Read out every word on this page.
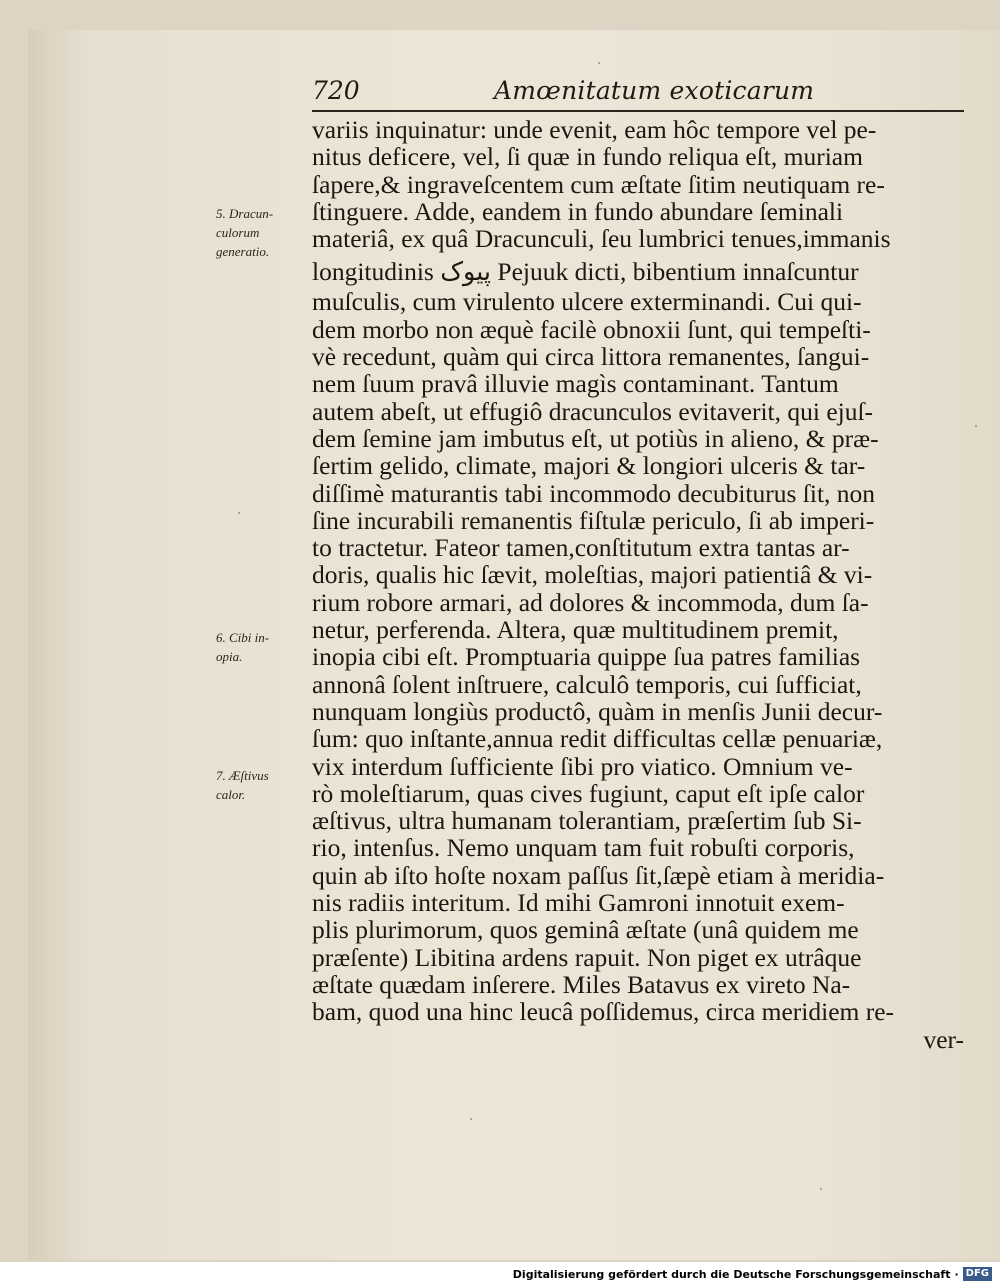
720	Amœnitatum exoticarum
variis inquinatur: unde evenit, eam hôc tempore vel pe-
nitus deficere, vel, ſi quæ in fundo reliqua eſt, muriam
ſapere,& ingraveſcentem cum æſtate ſitim neutiquam re-
ſtinguere. Adde, eandem in fundo abundare ſeminali
materiâ, ex quâ Dracunculi, ſeu lumbrici tenues,immanis
longitudinis پیوک Pejuuk dicti, bibentium innaſcuntur
muſculis, cum virulento ulcere exterminandi. Cui qui-
dem morbo non æquè facilè obnoxii ſunt, qui tempeſti-
vè recedunt, quàm qui circa littora remanentes, ſangui-
nem ſuum pravâ illuvie magìs contaminant. Tantum
autem abeſt, ut effugiô dracunculos evitaverit, qui ejuſ-
dem ſemine jam imbutus eſt, ut potiùs in alieno, & præ-
ſertim gelido, climate, majori & longiori ulceris & tar-
diſſimè maturantis tabi incommodo decubiturus ſit, non
ſine incurabili remanentis fiſtulæ periculo, ſi ab imperi-
to tractetur. Fateor tamen,conſtitutum extra tantas ar-
doris, qualis hic ſævit, moleſtias, majori patientiâ & vi-
rium robore armari, ad dolores & incommoda, dum ſa-
netur, perferenda. Altera, quæ multitudinem premit,
inopia cibi eſt. Promptuaria quippe ſua patres familias
annonâ ſolent inſtruere, calculô temporis, cui ſufficiat,
nunquam longiùs productô, quàm in menſis Junii decur-
ſum: quo inſtante,annua redit difficultas cellæ penuariæ,
vix interdum ſufficiente ſibi pro viatico. Omnium ve-
rò moleſtiarum, quas cives fugiunt, caput eſt ipſe calor
æſtivus, ultra humanam tolerantiam, præſertim ſub Si-
rio, intenſus. Nemo unquam tam fuit robuſti corporis,
quin ab iſto hoſte noxam paſſus ſit,ſæpè etiam à meridia-
nis radiis interitum. Id mihi Gamroni innotuit exem-
plis plurimorum, quos geminâ æſtate (unâ quidem me
præſente) Libitina ardens rapuit. Non piget ex utrâque
æſtate quædam inſerere. Miles Batavus ex vireto Na-
bam, quod una hinc leucâ poſſidemus, circa meridiem re-
ver-
5. Dracun-
culorum
generatio.
6. Cibi in-
opia.
7. Æſtivus
calor.
Digitalisierung gefördert durch die Deutsche Forschungsgemeinschaft · DFG
